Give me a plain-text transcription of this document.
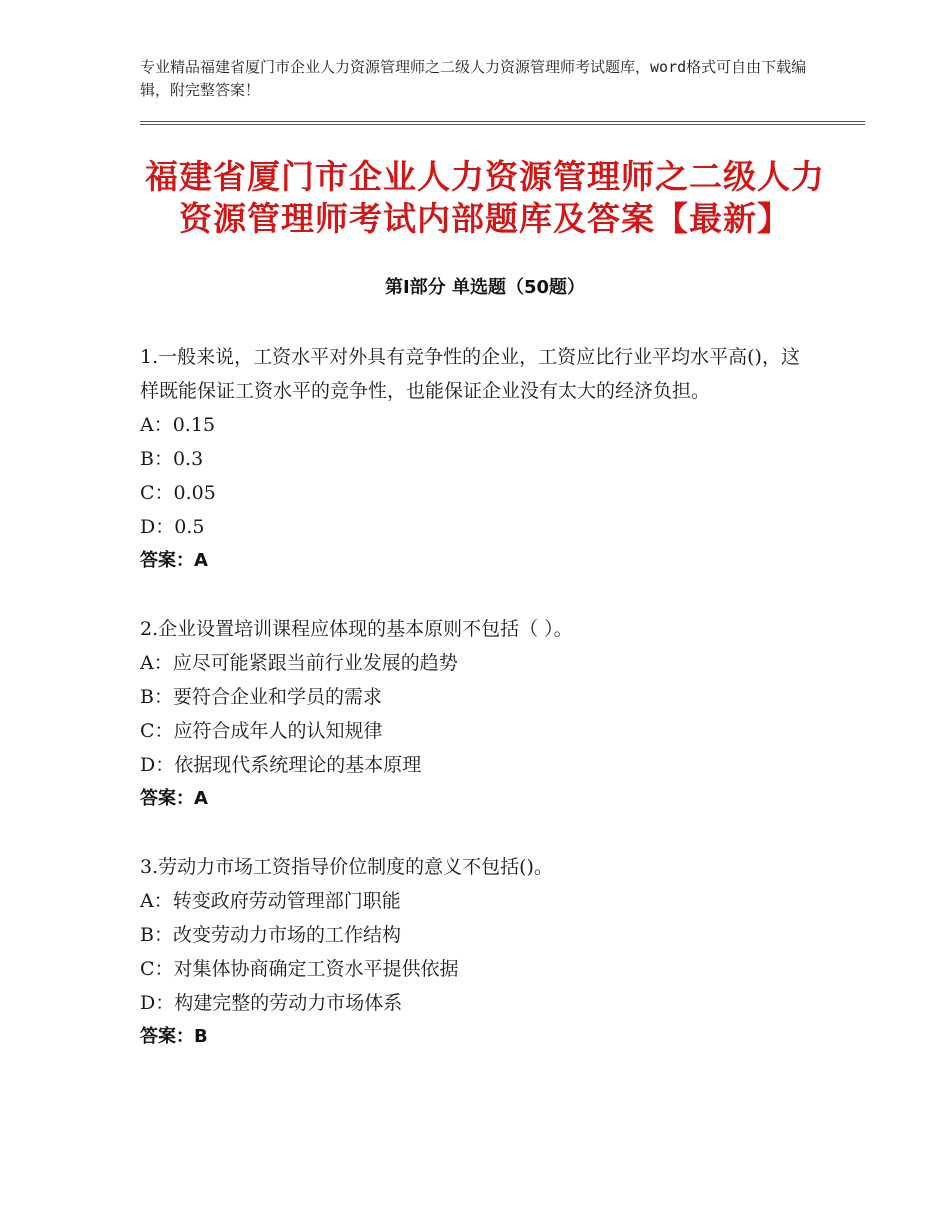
专业精品福建省厦门市企业人力资源管理师之二级人力资源管理师考试题库，word格式可自由下载编辑，附完整答案！
福建省厦门市企业人力资源管理师之二级人力资源管理师考试内部题库及答案【最新】
第Ⅰ部分 单选题（50题）
1.一般来说，工资水平对外具有竞争性的企业，工资应比行业平均水平高()，这样既能保证工资水平的竞争性，也能保证企业没有太大的经济负担。
A：0.15
B：0.3
C：0.05
D：0.5
答案：A
2.企业设置培训课程应体现的基本原则不包括（ ）。
A：应尽可能紧跟当前行业发展的趋势
B：要符合企业和学员的需求
C：应符合成年人的认知规律
D：依据现代系统理论的基本原理
答案：A
3.劳动力市场工资指导价位制度的意义不包括()。
A：转变政府劳动管理部门职能
B：改变劳动力市场的工作结构
C：对集体协商确定工资水平提供依据
D：构建完整的劳动力市场体系
答案：B
